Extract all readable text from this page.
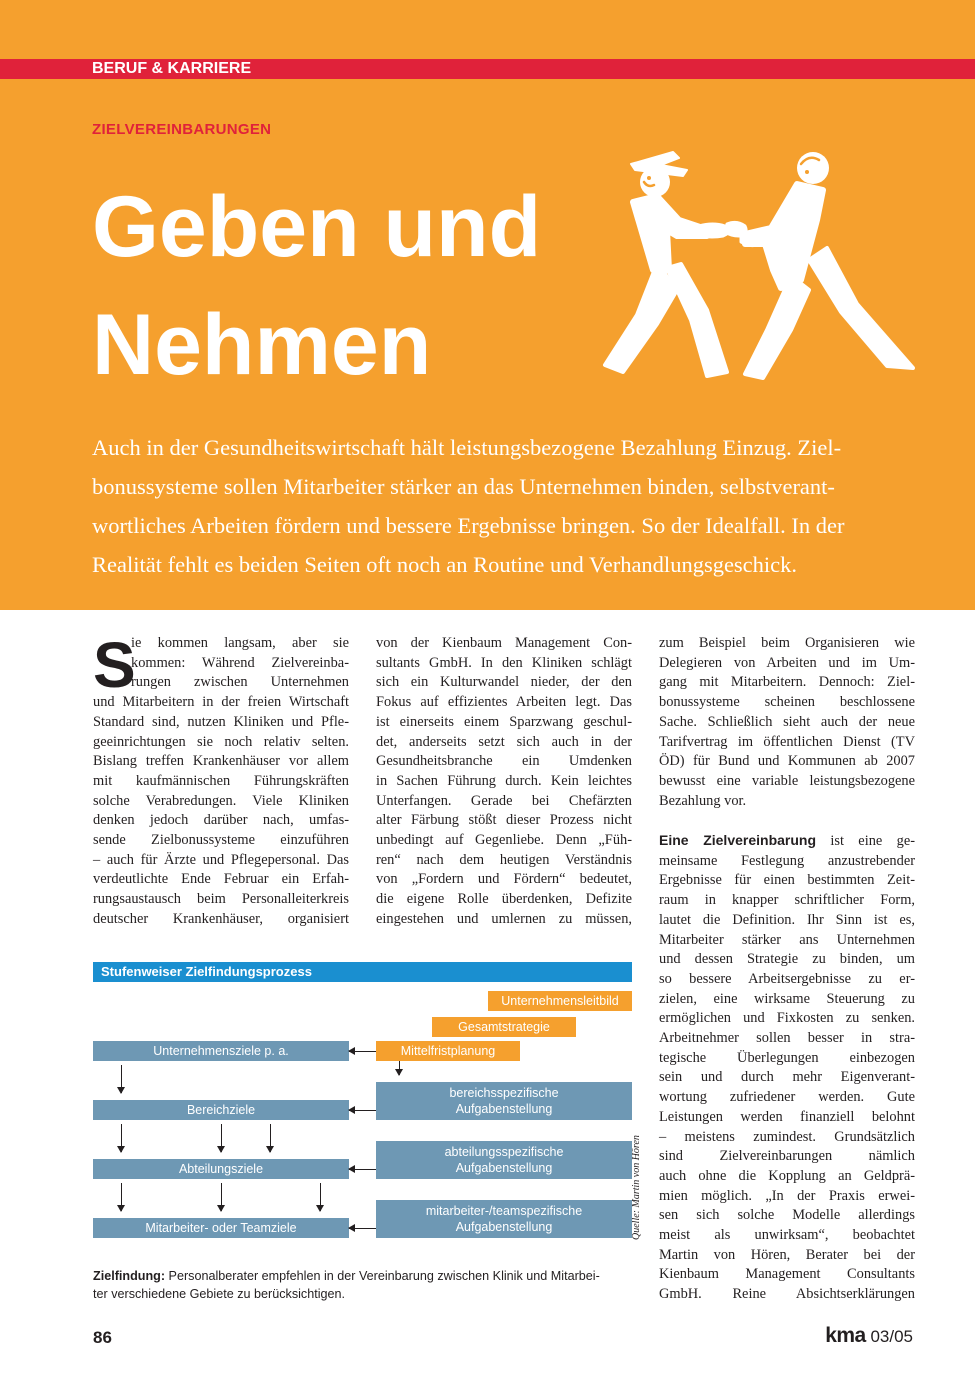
BERUF & KARRIERE
ZIELVEREINBARUNGEN
Geben und
Nehmen
Auch in der Gesundheitswirtschaft hält leistungsbezogene Bezahlung Einzug. Ziel-
bonussysteme sollen Mitarbeiter stärker an das Unternehmen binden, selbstverant-
wortliches Arbeiten fördern und bessere Ergebnisse bringen. So der Idealfall. In der
Realität fehlt es beiden Seiten oft noch an Routine und Verhandlungsgeschick.
S
ie kommen langsam, aber sie
kommen: Während Zielvereinba-
rungen zwischen Unternehmen
und Mitarbeitern in der freien Wirtschaft
Standard sind, nutzen Kliniken und Pfle-
geeinrichtungen sie noch relativ selten.
Bislang treffen Krankenhäuser vor allem
mit kaufmännischen Führungskräften
solche Verabredungen. Viele Kliniken
denken jedoch darüber nach, umfas-
sende Zielbonussysteme einzuführen
– auch für Ärzte und Pflegepersonal. Das
verdeutlichte Ende Februar ein Erfah-
rungsaustausch beim Personalleiterkreis
deutscher Krankenhäuser, organisiert
von der Kienbaum Management Con-
sultants GmbH. In den Kliniken schlägt
sich ein Kulturwandel nieder, der den
Fokus auf effizientes Arbeiten legt. Das
ist einerseits einem Sparzwang geschul-
det, anderseits setzt sich auch in der
Gesundheitsbranche ein Umdenken
in Sachen Führung durch. Kein leichtes
Unterfangen. Gerade bei Chefärzten
alter Färbung stößt dieser Prozess nicht
unbedingt auf Gegenliebe. Denn „Füh-
ren“ nach dem heutigen Verständnis
von „Fordern und Fördern“ bedeutet,
die eigene Rolle überdenken, Defizite
eingestehen und umlernen zu müssen,
zum Beispiel beim Organisieren wie
Delegieren von Arbeiten und im Um-
gang mit Mitarbeitern. Dennoch: Ziel-
bonussysteme scheinen beschlossene
Sache. Schließlich sieht auch der neue
Tarifvertrag im öffentlichen Dienst (TV
ÖD) für Bund und Kommunen ab 2007
bewusst eine variable leistungsbezogene
Bezahlung vor.
Eine Zielvereinbarung ist eine ge-
meinsame Festlegung anzustrebender
Ergebnisse für einen bestimmten Zeit-
raum in knapper schriftlicher Form,
lautet die Definition. Ihr Sinn ist es,
Mitarbeiter stärker ans Unternehmen
und dessen Strategie zu binden, um
so bessere Arbeitsergebnisse zu er-
zielen, eine wirksame Steuerung zu
ermöglichen und Fixkosten zu senken.
Arbeitnehmer sollen besser in stra-
tegische Überlegungen einbezogen
sein und durch mehr Eigenverant-
wortung zufriedener werden. Gute
Leistungen werden finanziell belohnt
– meistens zumindest. Grundsätzlich
sind Zielvereinbarungen nämlich
auch ohne die Kopplung an Geldprä-
mien möglich. „In der Praxis erwei-
sen sich solche Modelle allerdings
meist als unwirksam“, beobachtet
Martin von Hören, Berater bei der
Kienbaum Management Consultants
GmbH. Reine Absichtserklärungen
Stufenweiser Zielfindungsprozess
Unternehmensleitbild
Gesamtstrategie
Mittelfristplanung
Unternehmensziele p. a.
Bereichziele
Abteilungsziele
Mitarbeiter- oder Teamziele
bereichsspezifische
Aufgabenstellung
abteilungsspezifische
Aufgabenstellung
mitarbeiter-/teamspezifische
Aufgabenstellung	Quelle: Martin von Hören
Zielfindung: Personalberater empfehlen in der Vereinbarung zwischen Klinik und Mitarbei-
ter verschiedene Gebiete zu berücksichtigen.
86	kma 03/05
